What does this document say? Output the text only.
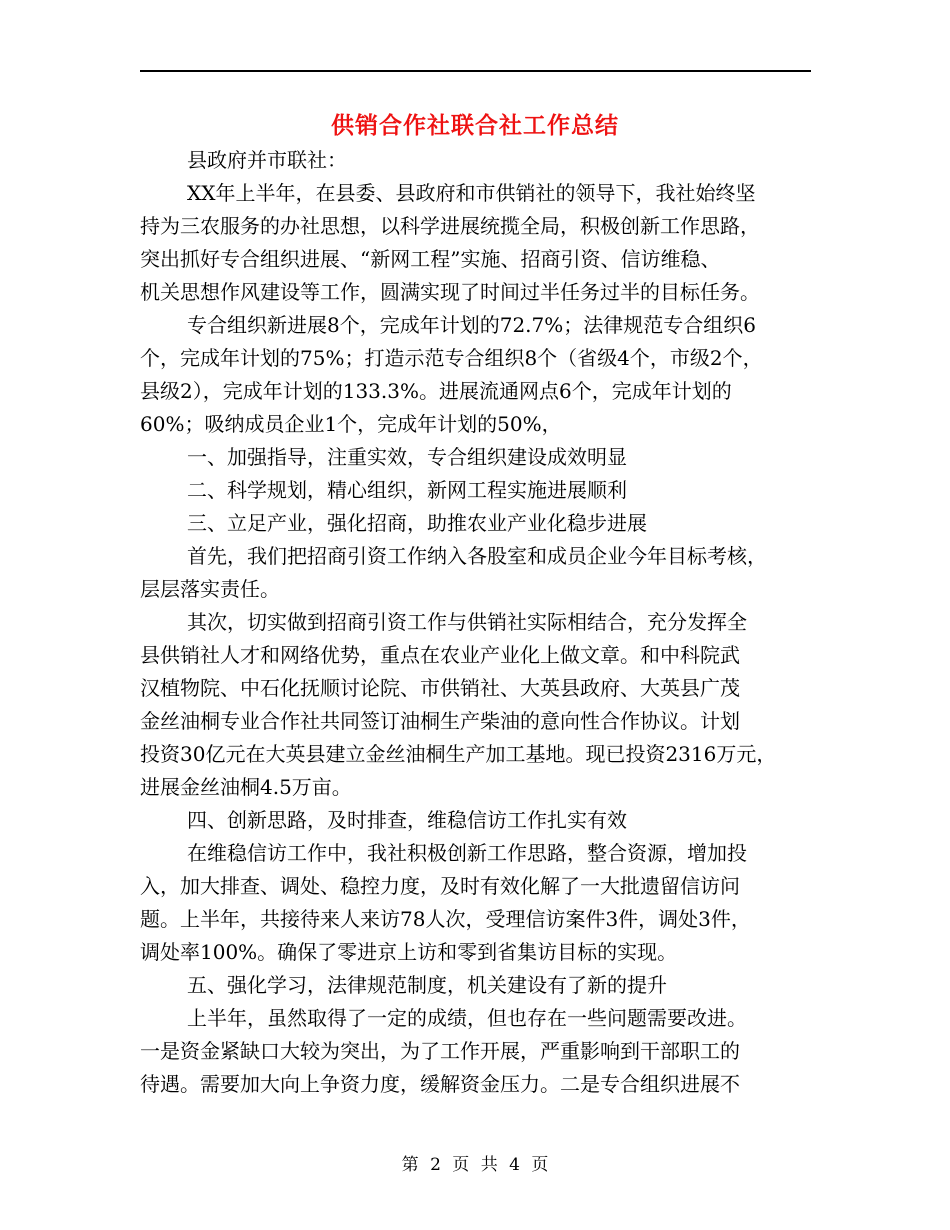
供销合作社联合社工作总结
县政府并市联社：
XX年上半年，在县委、县政府和市供销社的领导下，我社始终坚
持为三农服务的办社思想，以科学进展统揽全局，积极创新工作思路，
突出抓好专合组织进展、“新网工程”实施、招商引资、信访维稳、
机关思想作风建设等工作，圆满实现了时间过半任务过半的目标任务。
专合组织新进展8个，完成年计划的72.7%；法律规范专合组织6
个，完成年计划的75%；打造示范专合组织8个（省级4个，市级2个，
县级2），完成年计划的133.3%。进展流通网点6个，完成年计划的
60%；吸纳成员企业1个，完成年计划的50%，
一、加强指导，注重实效，专合组织建设成效明显
二、科学规划，精心组织，新网工程实施进展顺利
三、立足产业，强化招商，助推农业产业化稳步进展
首先，我们把招商引资工作纳入各股室和成员企业今年目标考核，
层层落实责任。
其次，切实做到招商引资工作与供销社实际相结合，充分发挥全
县供销社人才和网络优势，重点在农业产业化上做文章。和中科院武
汉植物院、中石化抚顺讨论院、市供销社、大英县政府、大英县广茂
金丝油桐专业合作社共同签订油桐生产柴油的意向性合作协议。计划
投资30亿元在大英县建立金丝油桐生产加工基地。现已投资2316万元，
进展金丝油桐4.5万亩。
四、创新思路，及时排查，维稳信访工作扎实有效
在维稳信访工作中，我社积极创新工作思路，整合资源，增加投
入，加大排查、调处、稳控力度，及时有效化解了一大批遗留信访问
题。上半年，共接待来人来访78人次，受理信访案件3件，调处3件，
调处率100%。确保了零进京上访和零到省集访目标的实现。
五、强化学习，法律规范制度，机关建设有了新的提升
上半年，虽然取得了一定的成绩，但也存在一些问题需要改进。
一是资金紧缺口大较为突出，为了工作开展，严重影响到干部职工的
待遇。需要加大向上争资力度，缓解资金压力。二是专合组织进展不
第 2 页 共 4 页
